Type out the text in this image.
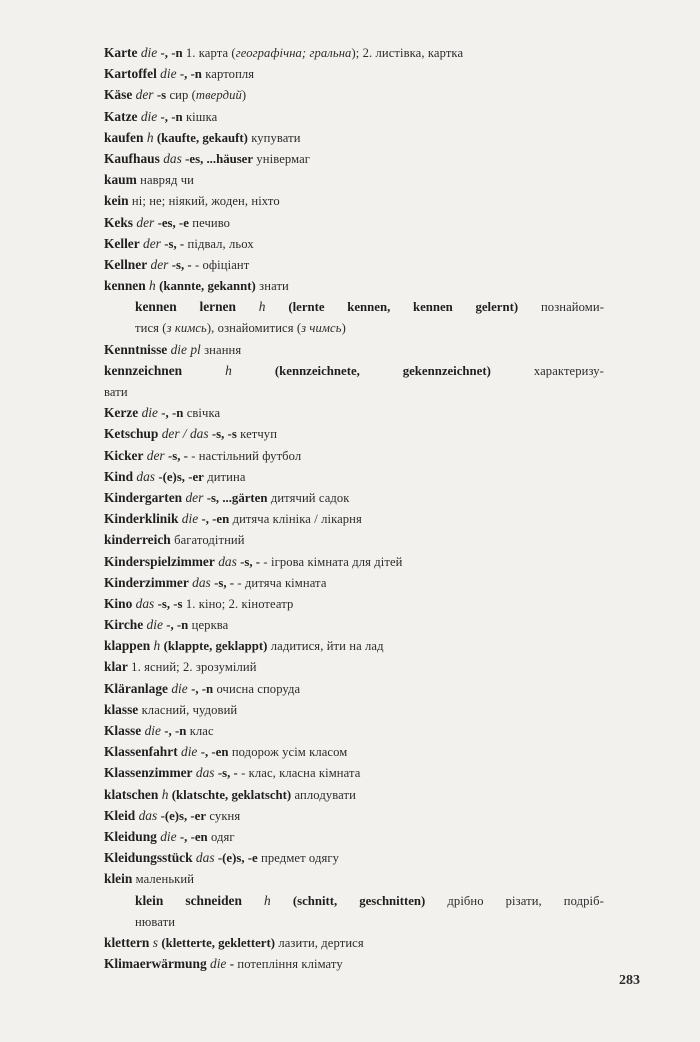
Karte die -, -n 1. карта (географічна; гральна); 2. листівка, картка
Kartoffel die -, -n картопля
Käse der -s сир (твердий)
Katze die -, -n кішка
kaufen h (kaufte, gekauft) купувати
Kaufhaus das -es, ...häuser універмаг
kaum навряд чи
kein ні; не; ніякий, жоден, ніхто
Keks der -es, -e печиво
Keller der -s, - підвал, льох
Kellner der -s, - - офіціант
kennen h (kannte, gekannt) знати
kennen lernen h (lernte kennen, kennen gelernt) познайоми-
тися (з кимсь), ознайомитися (з чимсь)
Kenntnisse die pl знання
kennzeichnen	h	(kennzeichnete, gekennzeichnet)	характеризу-
вати
Kerze die -, -n свічка
Ketschup der / das -s, -s кетчуп
Kicker der -s, - - настільний футбол
Kind das -(e)s, -er дитина
Kindergarten der -s, ...gärten дитячий садок
Kinderklinik die -, -en дитяча клініка / лікарня
kinderreich багатодітний
Kinderspielzimmer das -s, - - ігрова кімната для дітей
Kinderzimmer das -s, - - дитяча кімната
Kino das -s, -s 1. кіно; 2. кінотеатр
Kirche die -, -n церква
klappen h (klappte, geklappt) ладитися, йти на лад
klar 1. ясний; 2. зрозумілий
Kläranlage die -, -n очисна споруда
klasse класний, чудовий
Klasse die -, -n клас
Klassenfahrt die -, -en подорож усім класом
Klassenzimmer das -s, - - клас, класна кімната
klatschen h (klatschte, geklatscht) аплодувати
Kleid das -(e)s, -er сукня
Kleidung die -, -en одяг
Kleidungsstück das -(e)s, -e предмет одягу
klein маленький
klein schneiden h (schnitt, geschnitten) дрібно різати, подріб-
нювати
klettern s (kletterte, geklettert) лазити, дертися
Klimaerwärmung die - потепління клімату
283
